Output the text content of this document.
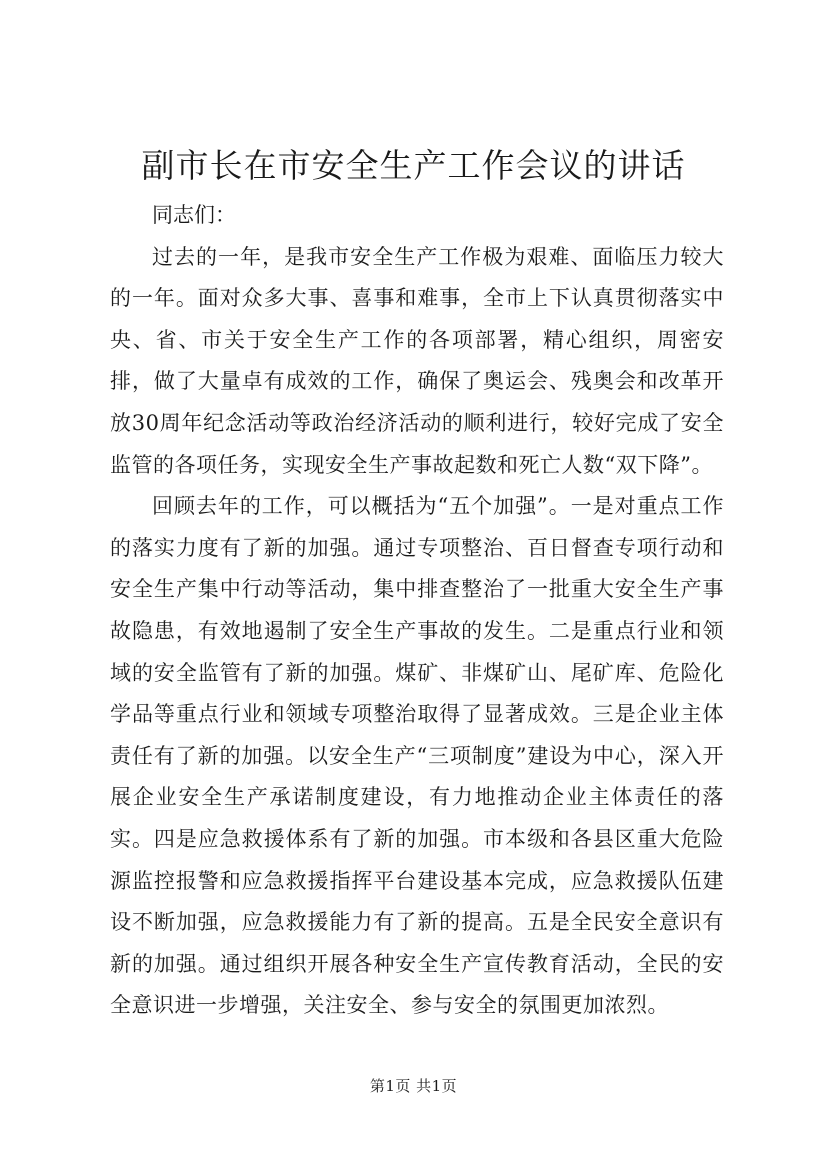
副市长在市安全生产工作会议的讲话

同志们：

过去的一年，是我市安全生产工作极为艰难、面临压力较大的一年。面对众多大事、喜事和难事，全市上下认真贯彻落实中央、省、市关于安全生产工作的各项部署，精心组织，周密安排，做了大量卓有成效的工作，确保了奥运会、残奥会和改革开放30周年纪念活动等政治经济活动的顺利进行，较好完成了安全监管的各项任务，实现安全生产事故起数和死亡人数“双下降”。

回顾去年的工作，可以概括为“五个加强”。一是对重点工作的落实力度有了新的加强。通过专项整治、百日督查专项行动和安全生产集中行动等活动，集中排查整治了一批重大安全生产事故隐患，有效地遏制了安全生产事故的发生。二是重点行业和领域的安全监管有了新的加强。煤矿、非煤矿山、尾矿库、危险化学品等重点行业和领域专项整治取得了显著成效。三是企业主体责任有了新的加强。以安全生产“三项制度”建设为中心，深入开展企业安全生产承诺制度建设，有力地推动企业主体责任的落实。四是应急救援体系有了新的加强。市本级和各县区重大危险源监控报警和应急救援指挥平台建设基本完成，应急救援队伍建设不断加强，应急救援能力有了新的提高。五是全民安全意识有新的加强。通过组织开展各种安全生产宣传教育活动，全民的安全意识进一步增强，关注安全、参与安全的氛围更加浓烈。

第1页 共1页
